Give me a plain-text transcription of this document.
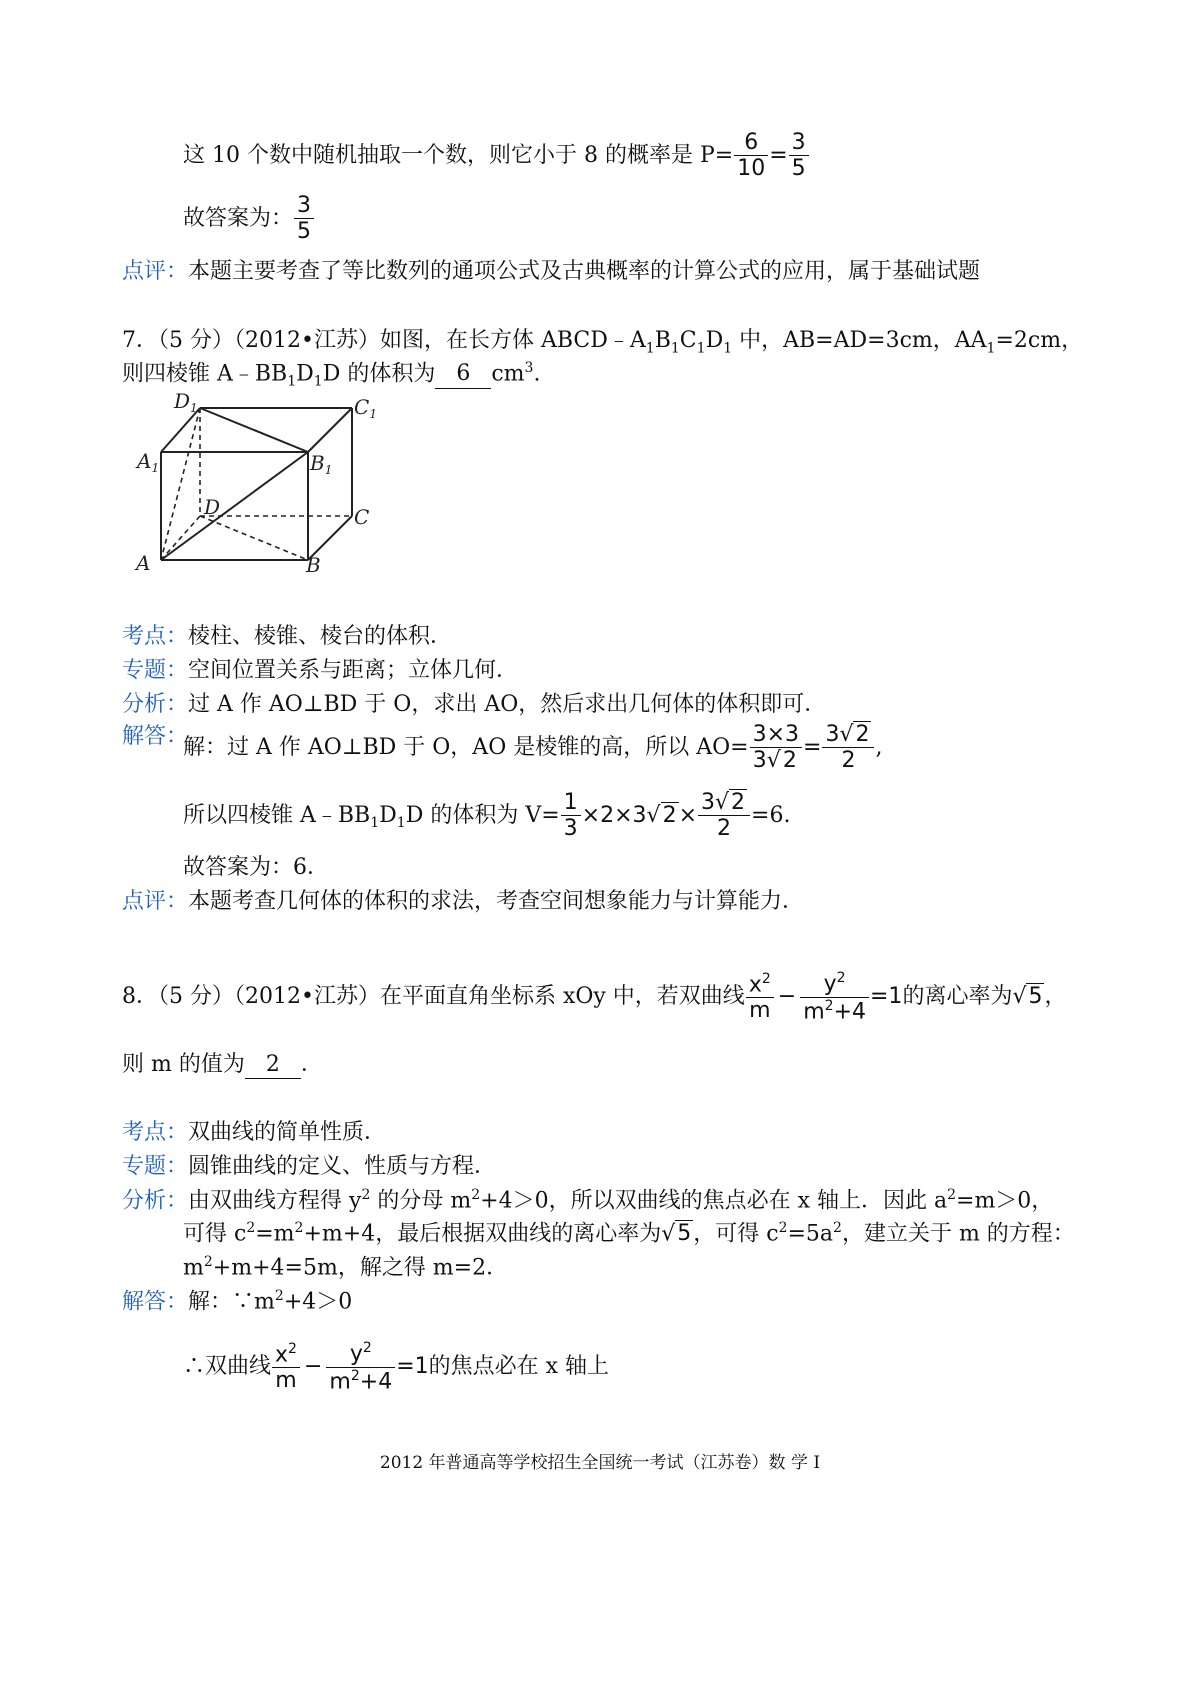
这 10 个数中随机抽取一个数，则它小于 8 的概率是 $P= \frac{6}{10} = \frac{3}{5}$
故答案为： $\frac{3}{5}$
点评：本题主要考查了等比数列的通项公式及古典概率的计算公式的应用，属于基础试题
7．（5 分）（2012•江苏）如图，在长方体 $ABCD﹣A_1B_1C_1D_1$ 中，AB=AD=3cm，$AA_1=2cm$，
则四棱锥 $A﹣BB_1D_1D$ 的体积为 6 $cm^3$.
$D_1$	$C_1$
$A_1$	$B_1$
D	C
A	B
考点：棱柱、棱锥、棱台的体积．
专题：空间位置关系与距离；立体几何．
分析：过 A 作 AO⊥BD 于 O，求出 AO，然后求出几何体的体积即可．
解答：
解：过 A 作 AO⊥BD 于 O，AO 是棱锥的高，所以 $AO= \frac{3\times 3}{3√2} = \frac{3√2}{2}$ ,
所以四棱锥 $A﹣BB_1D_1D$ 的体积为 $V= \frac{1}{3} \times 2\times 3√2\times \frac{3√2}{2} =6$.
故答案为：6．
点评：本题考查几何体的体积的求法，考查空间想象能力与计算能力．
8．（5 分）（2012•江苏）在平面直角坐标系 xOy 中，若双曲线 $\frac{x^2}{m} - \frac{y^2}{m^2+4} =1$的离心率为√5，
则 m 的值为 2 ．
考点：双曲线的简单性质．
专题：圆锥曲线的定义、性质与方程．
分析：由双曲线方程得 $y^2$ 的分母 $m^2+4>0$，所以双曲线的焦点必在 x 轴上．因此 $a^2=m>0$，
可得 $c^2=m^2+m+4$，最后根据双曲线的离心率为√5，可得 $c^2=5a^2$，建立关于 m 的方程：
$m^2+m+4=5m$，解之得 m=2．
解答：解：$\because m^2+4>0$
∴双曲线 $\frac{x^2}{m} - \frac{y^2}{m^2+4} =1$的焦点必在 x 轴上
2012 年普通高等学校招生全国统一考试（江苏卷）数 学 I
